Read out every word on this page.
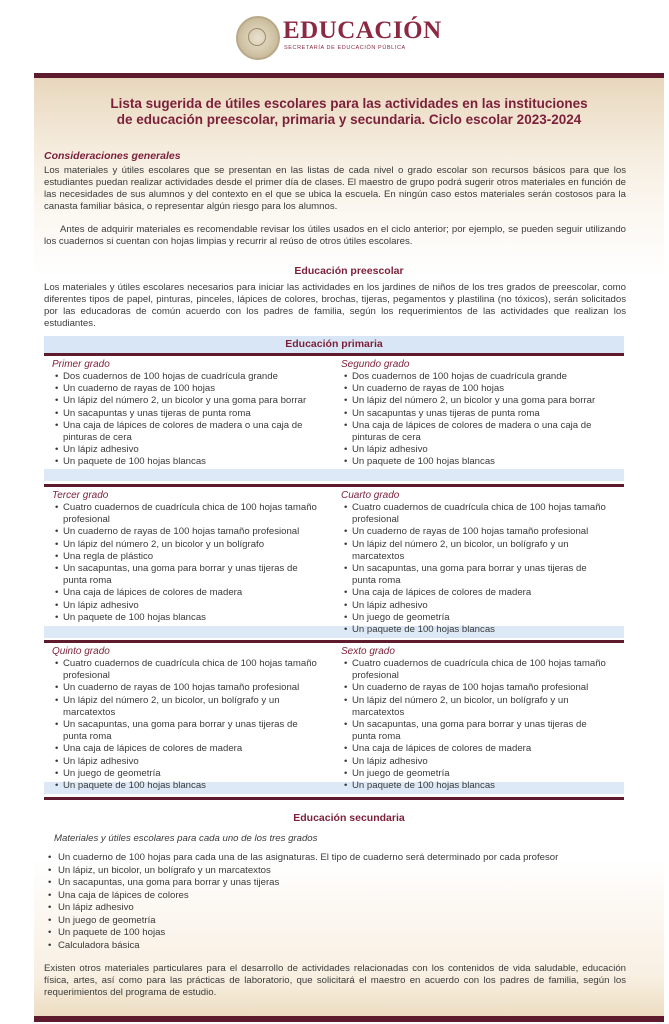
EDUCACIÓN
SECRETARÍA DE EDUCACIÓN PÚBLICA
Lista sugerida de útiles escolares para las actividades en las instituciones
de educación preescolar, primaria y secundaria. Ciclo escolar 2023-2024
Consideraciones generales
Los materiales y útiles escolares que se presentan en las listas de cada nivel o grado escolar son recursos básicos para que los estudiantes puedan realizar actividades desde el primer día de clases. El maestro de grupo podrá sugerir otros materiales en función de las necesidades de sus alumnos y del contexto en el que se ubica la escuela. En ningún caso estos materiales serán costosos para la canasta familiar básica, o representar algún riesgo para los alumnos.
Antes de adquirir materiales es recomendable revisar los útiles usados en el ciclo anterior; por ejemplo, se pueden seguir utilizando los cuadernos si cuentan con hojas limpias y recurrir al reúso de otros útiles escolares.
Educación preescolar
Los materiales y útiles escolares necesarios para iniciar las actividades en los jardines de niños de los tres grados de preescolar, como diferentes tipos de papel, pinturas, pinceles, lápices de colores, brochas, tijeras, pegamentos y plastilina (no tóxicos), serán solicitados por las educadoras de común acuerdo con los padres de familia, según los requerimientos de las actividades que realizan los estudiantes.
Educación primaria
Primer grado
• Dos cuadernos de 100 hojas de cuadrícula grande
• Un cuaderno de rayas de 100 hojas
• Un lápiz del número 2, un bicolor y una goma para borrar
• Un sacapuntas y unas tijeras de punta roma
• Una caja de lápices de colores de madera o una caja de pinturas de cera
• Un lápiz adhesivo
• Un paquete de 100 hojas blancas
Segundo grado
• Dos cuadernos de 100 hojas de cuadrícula grande
• Un cuaderno de rayas de 100 hojas
• Un lápiz del número 2, un bicolor y una goma para borrar
• Un sacapuntas y unas tijeras de punta roma
• Una caja de lápices de colores de madera o una caja de pinturas de cera
• Un lápiz adhesivo
• Un paquete de 100 hojas blancas
Tercer grado
• Cuatro cuadernos de cuadrícula chica de 100 hojas tamaño profesional
• Un cuaderno de rayas de 100 hojas tamaño profesional
• Un lápiz del número 2, un bicolor y un bolígrafo
• Una regla de plástico
• Un sacapuntas, una goma para borrar y unas tijeras de punta roma
• Una caja de lápices de colores de madera
• Un lápiz adhesivo
• Un paquete de 100 hojas blancas
Cuarto grado
• Cuatro cuadernos de cuadrícula chica de 100 hojas tamaño profesional
• Un cuaderno de rayas de 100 hojas tamaño profesional
• Un lápiz del número 2, un bicolor, un bolígrafo y un marcatextos
• Un sacapuntas, una goma para borrar y unas tijeras de punta roma
• Una caja de lápices de colores de madera
• Un lápiz adhesivo
• Un juego de geometría
• Un paquete de 100 hojas blancas
Quinto grado
• Cuatro cuadernos de cuadrícula chica de 100 hojas tamaño profesional
• Un cuaderno de rayas de 100 hojas tamaño profesional
• Un lápiz del número 2, un bicolor, un bolígrafo y un marcatextos
• Un sacapuntas, una goma para borrar y unas tijeras de punta roma
• Una caja de lápices de colores de madera
• Un lápiz adhesivo
• Un juego de geometría
• Un paquete de 100 hojas blancas
Sexto grado
• Cuatro cuadernos de cuadrícula chica de 100 hojas tamaño profesional
• Un cuaderno de rayas de 100 hojas tamaño profesional
• Un lápiz del número 2, un bicolor, un bolígrafo y un marcatextos
• Un sacapuntas, una goma para borrar y unas tijeras de punta roma
• Una caja de lápices de colores de madera
• Un lápiz adhesivo
• Un juego de geometría
• Un paquete de 100 hojas blancas
Educación secundaria
Materiales y útiles escolares para cada uno de los tres grados
• Un cuaderno de 100 hojas para cada una de las asignaturas. El tipo de cuaderno será determinado por cada profesor
• Un lápiz, un bicolor, un bolígrafo y un marcatextos
• Un sacapuntas, una goma para borrar y unas tijeras
• Una caja de lápices de colores
• Un lápiz adhesivo
• Un juego de geometría
• Un paquete de 100 hojas
• Calculadora básica
Existen otros materiales particulares para el desarrollo de actividades relacionadas con los contenidos de vida saludable, educación física, artes, así como para las prácticas de laboratorio, que solicitará el maestro en acuerdo con los padres de familia, según los requerimientos del programa de estudio.
